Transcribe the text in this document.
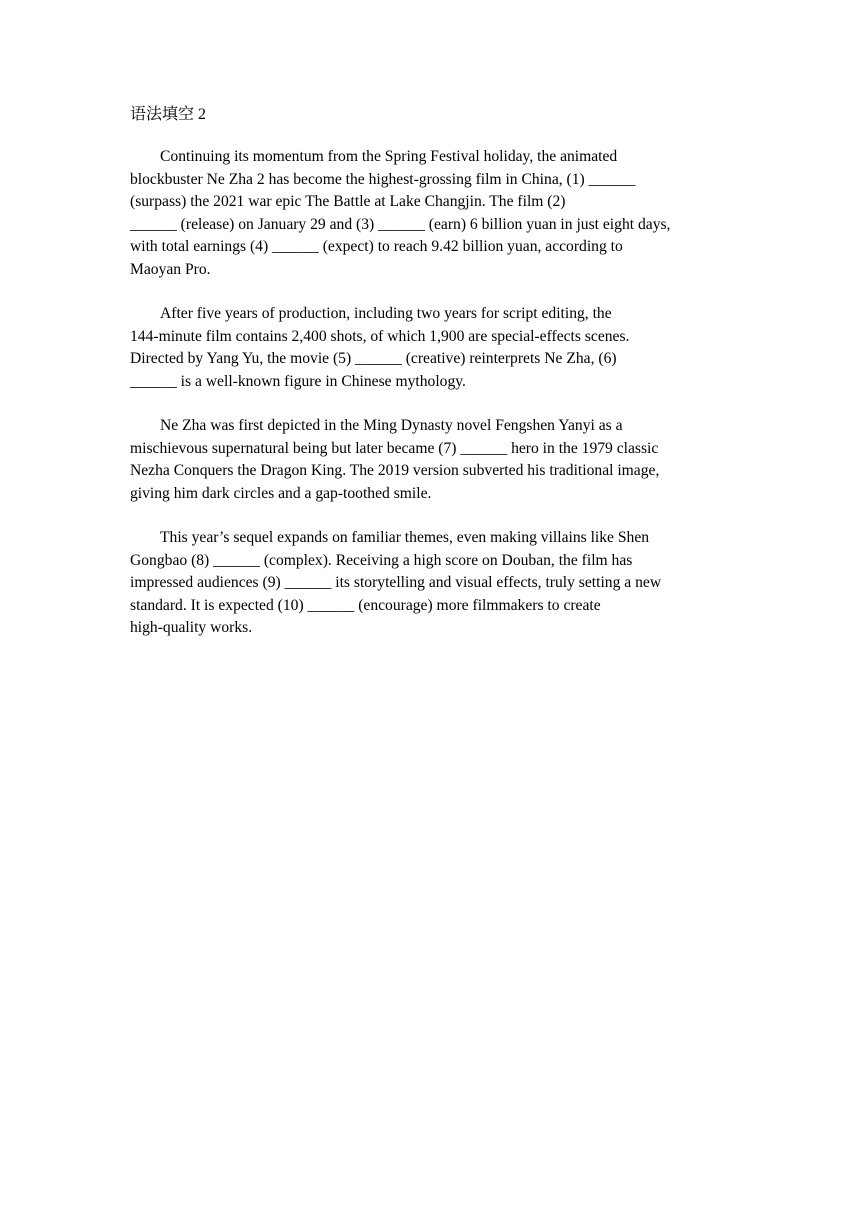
语法填空 2
Continuing its momentum from the Spring Festival holiday, the animated
blockbuster Ne Zha 2 has become the highest-grossing film in China, (1) ______
(surpass) the 2021 war epic The Battle at Lake Changjin. The film (2)
______ (release) on January 29 and (3) ______ (earn) 6 billion yuan in just eight days,
with total earnings (4) ______ (expect) to reach 9.42 billion yuan, according to
Maoyan Pro.
After five years of production, including two years for script editing, the
144-minute film contains 2,400 shots, of which 1,900 are special-effects scenes.
Directed by Yang Yu, the movie (5) ______ (creative) reinterprets Ne Zha, (6)
______ is a well-known figure in Chinese mythology.
Ne Zha was first depicted in the Ming Dynasty novel Fengshen Yanyi as a
mischievous supernatural being but later became (7) ______ hero in the 1979 classic
Nezha Conquers the Dragon King. The 2019 version subverted his traditional image,
giving him dark circles and a gap-toothed smile.
This year’s sequel expands on familiar themes, even making villains like Shen
Gongbao (8) ______ (complex). Receiving a high score on Douban, the film has
impressed audiences (9) ______ its storytelling and visual effects, truly setting a new
standard. It is expected (10) ______ (encourage) more filmmakers to create
high-quality works.
